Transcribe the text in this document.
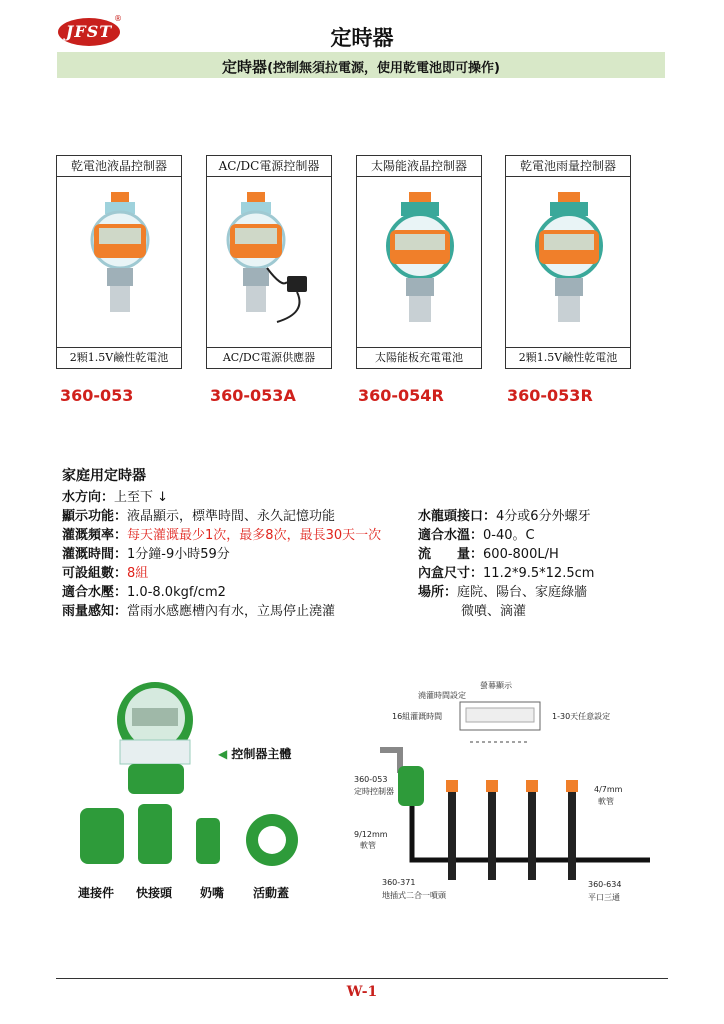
JFST
®
定時器
定時器(控制無須拉電源，使用乾電池即可操作)
乾電池液晶控制器
2顆1.5V鹼性乾電池
AC/DC電源控制器
AC/DC電源供應器
太陽能液晶控制器
太陽能板充電電池
乾電池雨量控制器
2顆1.5V鹼性乾電池
360-053	360-053A	360-054R	360-053R
家庭用定時器
水方向：上至下 ↓
顯示功能：液晶顯示，標準時間、永久記憶功能
灌溉頻率：每天灌溉最少1次，最多8次，最長30天一次
灌溉時間：1分鐘-9小時59分
可設組數：8組
適合水壓：1.0-8.0kgf/cm2
雨量感知：當雨水感應槽內有水，立馬停止澆灌
水龍頭接口：4分或6分外螺牙
適合水溫：0-40。C
流　　量：600-800L/H
內盒尺寸：11.2*9.5*12.5cm
場所：庭院、陽台、家庭綠牆
微噴、滴灌
◀ 控制器主體
連接件 快接頭 奶嘴 活動蓋
螢幕顯示
澆灌時間設定
16組灌溉時間	1-30天任意設定
360-053
定時控制器
9/12mm
軟管
4/7mm
軟管
360-371
地插式二合一噴頭
360-634
平口三通
W-1
